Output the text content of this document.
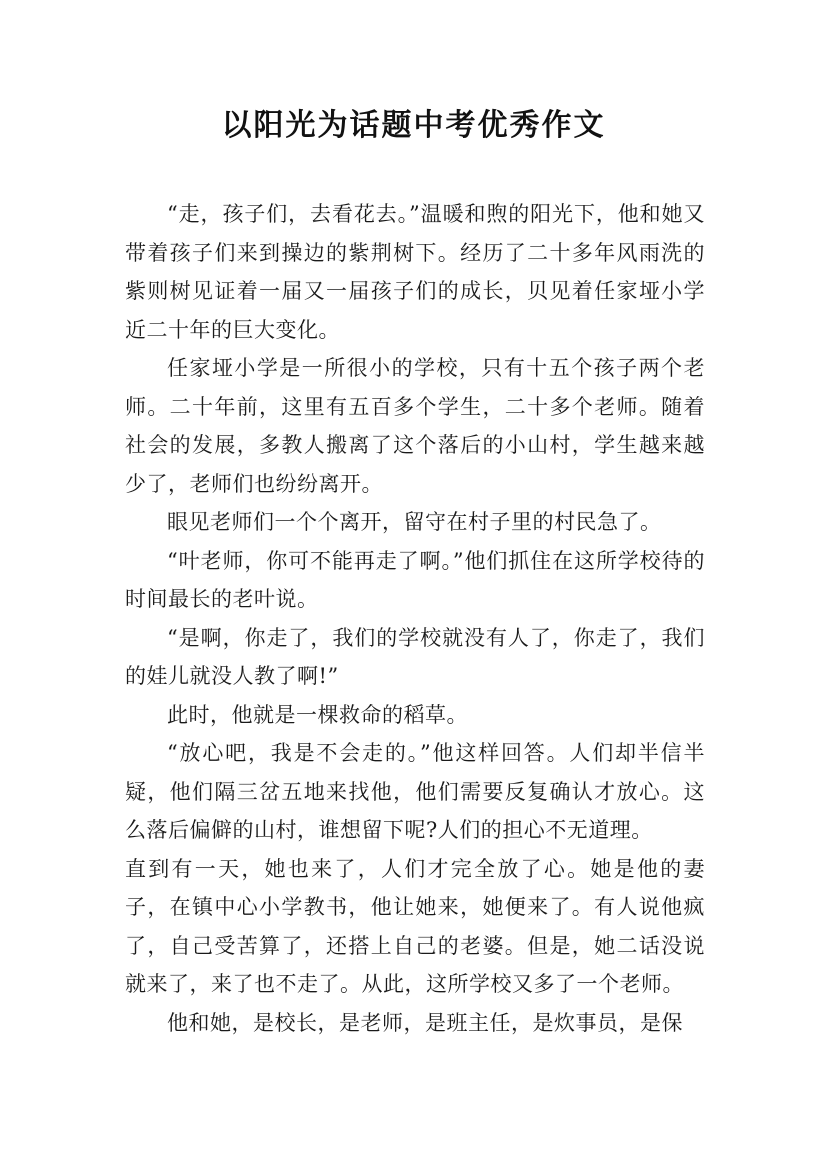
以阳光为话题中考优秀作文

“走，孩子们，去看花去。”温暖和煦的阳光下，他和她又带着孩子们来到操边的紫荆树下。经历了二十多年风雨洗的紫则树见证着一届又一届孩子们的成长，贝见着任家垭小学近二十年的巨大变化。

任家垭小学是一所很小的学校，只有十五个孩子两个老师。二十年前，这里有五百多个学生，二十多个老师。随着社会的发展，多教人搬离了这个落后的小山村，学生越来越少了，老师们也纷纷离开。

眼见老师们一个个离开，留守在村子里的村民急了。

“叶老师，你可不能再走了啊。”他们抓住在这所学校待的时间最长的老叶说。

“是啊，你走了，我们的学校就没有人了，你走了，我们的娃儿就没人教了啊!”

此时，他就是一棵救命的稻草。

“放心吧，我是不会走的。”他这样回答。人们却半信半疑，他们隔三岔五地来找他，他们需要反复确认才放心。这么落后偏僻的山村，谁想留下呢?人们的担心不无道理。

直到有一天，她也来了，人们才完全放了心。她是他的妻子，在镇中心小学教书，他让她来，她便来了。有人说他疯了，自己受苦算了，还搭上自己的老婆。但是，她二话没说就来了，来了也不走了。从此，这所学校又多了一个老师。

他和她，是校长，是老师，是班主任，是炊事员，是保
